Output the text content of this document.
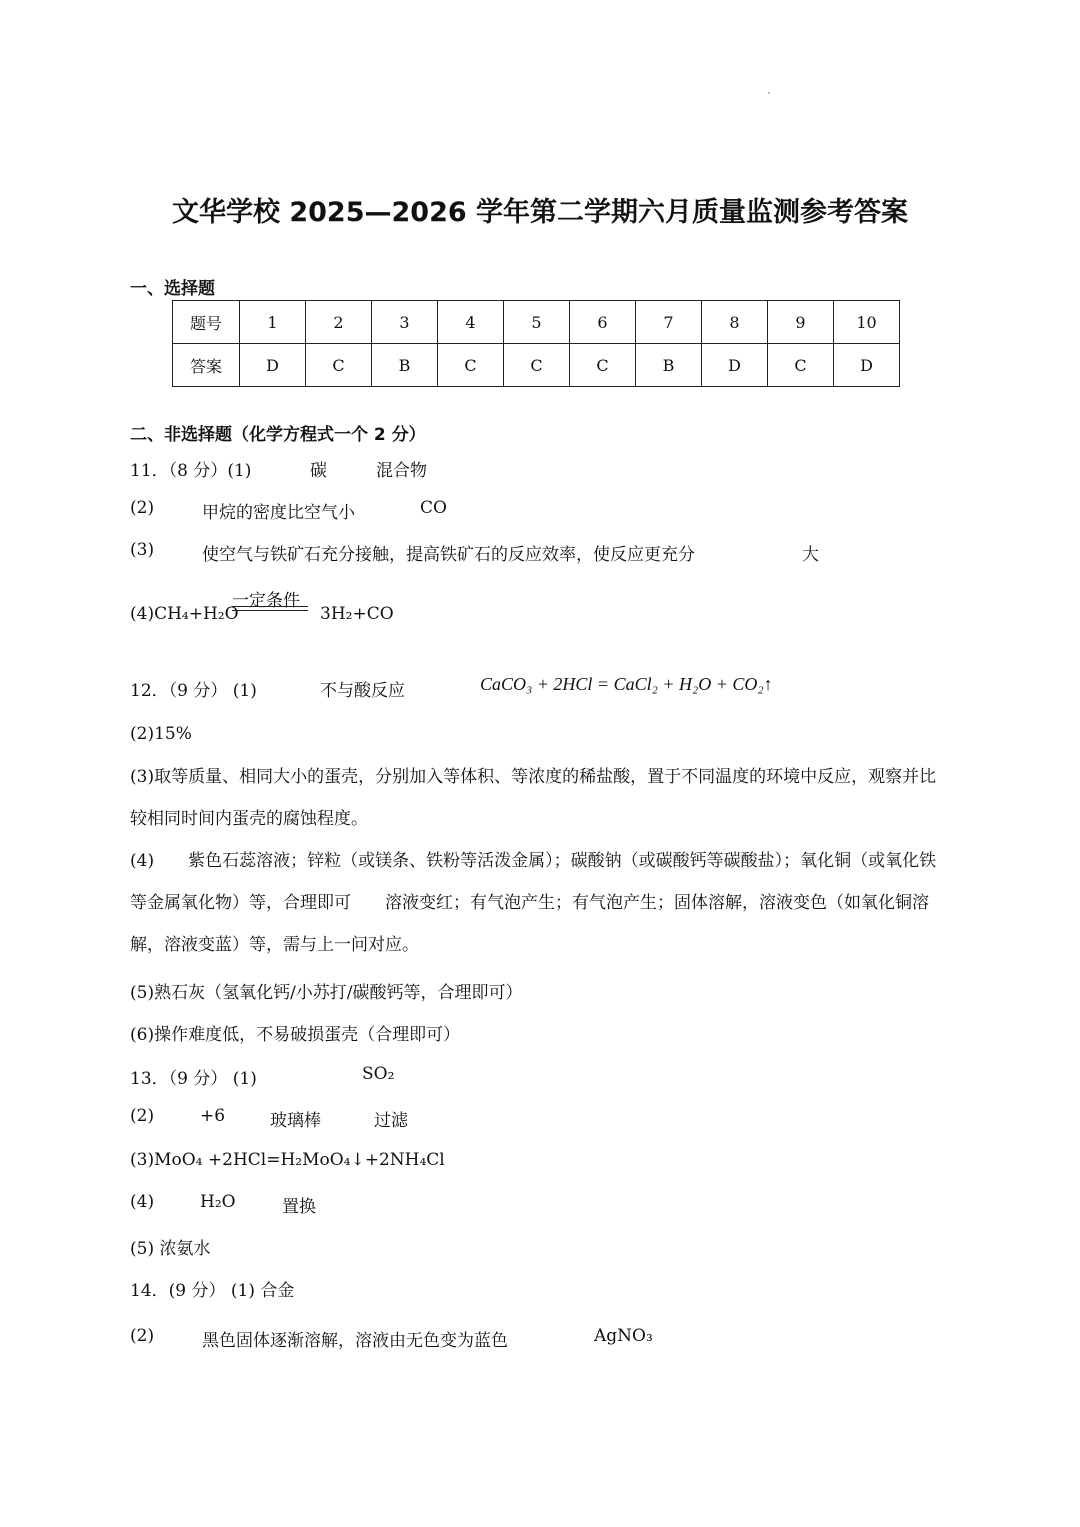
文华学校 2025—2026 学年第二学期六月质量监测参考答案
一、选择题
题号	1	2	3	4	5	6	7	8	9	10
答案	D	C	B	C	C	C	B	D	C	D
二、非选择题（化学方程式一个 2 分）
11．（8 分）(1)	碳	混合物
(2)	甲烷的密度比空气小	CO
(3)	使空气与铁矿石充分接触，提高铁矿石的反应效率，使反应更充分	大
(4)CH₄+H₂O
一定条件
3H₂+CO
12．（9 分） (1)	不与酸反应	CaCO₃ + 2HCl = CaCl₂ + H₂O + CO₂↑
(2)15%
(3)取等质量、相同大小的蛋壳，分别加入等体积、等浓度的稀盐酸，置于不同温度的环境中反应，观察并比较相同时间内蛋壳的腐蚀程度。
(4)　　紫色石蕊溶液；锌粒（或镁条、铁粉等活泼金属）；碳酸钠（或碳酸钙等碳酸盐）；氧化铜（或氧化铁等金属氧化物）等，合理即可　　溶液变红；有气泡产生；有气泡产生；固体溶解，溶液变色（如氧化铜溶解，溶液变蓝）等，需与上一问对应。
(5)熟石灰（氢氧化钙/小苏打/碳酸钙等，合理即可）
(6)操作难度低，不易破损蛋壳（合理即可）
13．（9 分） (1)	SO₂
(2)	+6	玻璃棒	过滤
(3)MoO₄ +2HCl=H₂MoO₄↓+2NH₄Cl
(4)	H₂O	置换
(5) 浓氨水
14．(9 分） (1) 合金
(2)	黑色固体逐渐溶解，溶液由无色变为蓝色	AgNO₃
